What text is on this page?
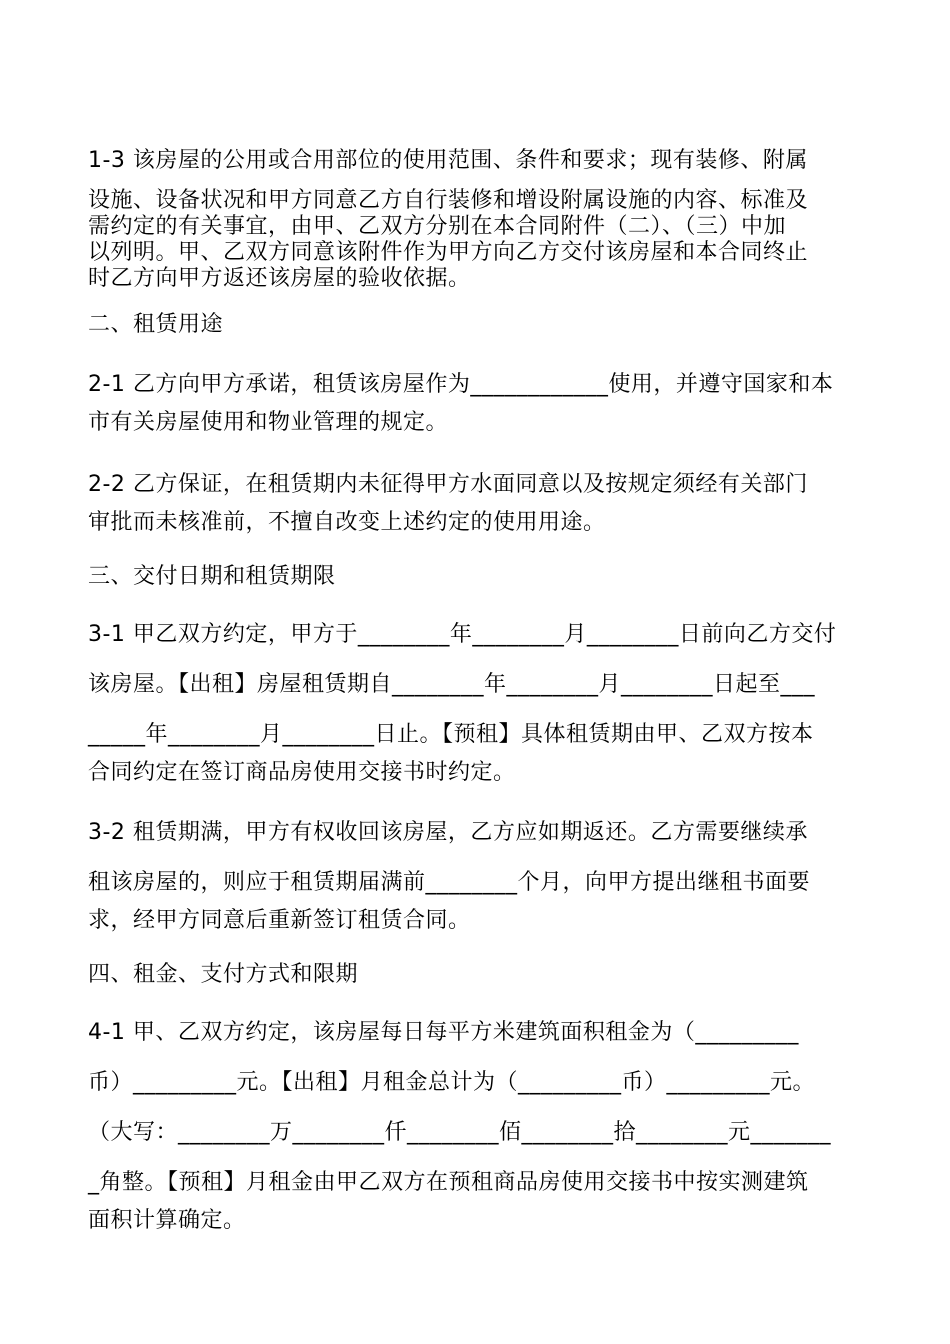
1-3 该房屋的公用或合用部位的使用范围、条件和要求；现有装修、附属
设施、设备状况和甲方同意乙方自行装修和增设附属设施的内容、标准及
需约定的有关事宜，由甲、乙双方分别在本合同附件（二）、（三）中加
以列明。甲、乙双方同意该附件作为甲方向乙方交付该房屋和本合同终止
时乙方向甲方返还该房屋的验收依据。
二、租赁用途
2-1 乙方向甲方承诺，租赁该房屋作为____________使用，并遵守国家和本
市有关房屋使用和物业管理的规定。
2-2 乙方保证，在租赁期内未征得甲方水面同意以及按规定须经有关部门
审批而未核准前，不擅自改变上述约定的使用用途。
三、交付日期和租赁期限
3-1 甲乙双方约定，甲方于________年________月________日前向乙方交付
该房屋。【出租】房屋租赁期自________年________月________日起至___
_____年________月________日止。【预租】具体租赁期由甲、乙双方按本
合同约定在签订商品房使用交接书时约定。
3-2 租赁期满，甲方有权收回该房屋，乙方应如期返还。乙方需要继续承
租该房屋的，则应于租赁期届满前________个月，向甲方提出继租书面要
求，经甲方同意后重新签订租赁合同。
四、租金、支付方式和限期
4-1 甲、乙双方约定，该房屋每日每平方米建筑面积租金为（_________
币）_________元。【出租】月租金总计为（_________币）_________元。
（大写：________万________仟________佰________拾________元_______
_角整。【预租】月租金由甲乙双方在预租商品房使用交接书中按实测建筑
面积计算确定。
